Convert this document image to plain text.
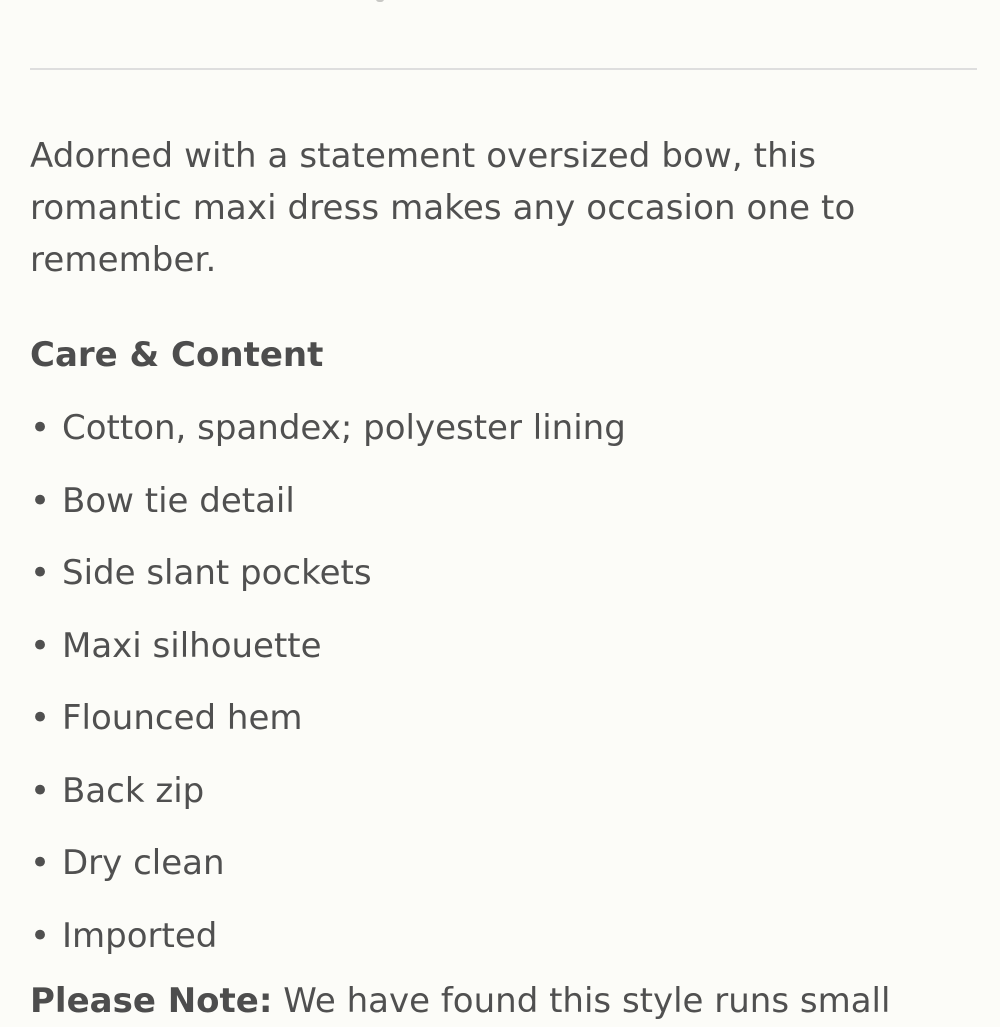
Adorned with a statement oversized bow, this romantic maxi dress makes any occasion one to remember.

Care & Content
• Cotton, spandex; polyester lining
• Bow tie detail
• Side slant pockets
• Maxi silhouette
• Flounced hem
• Back zip
• Dry clean
• Imported
Please Note: We have found this style runs small
